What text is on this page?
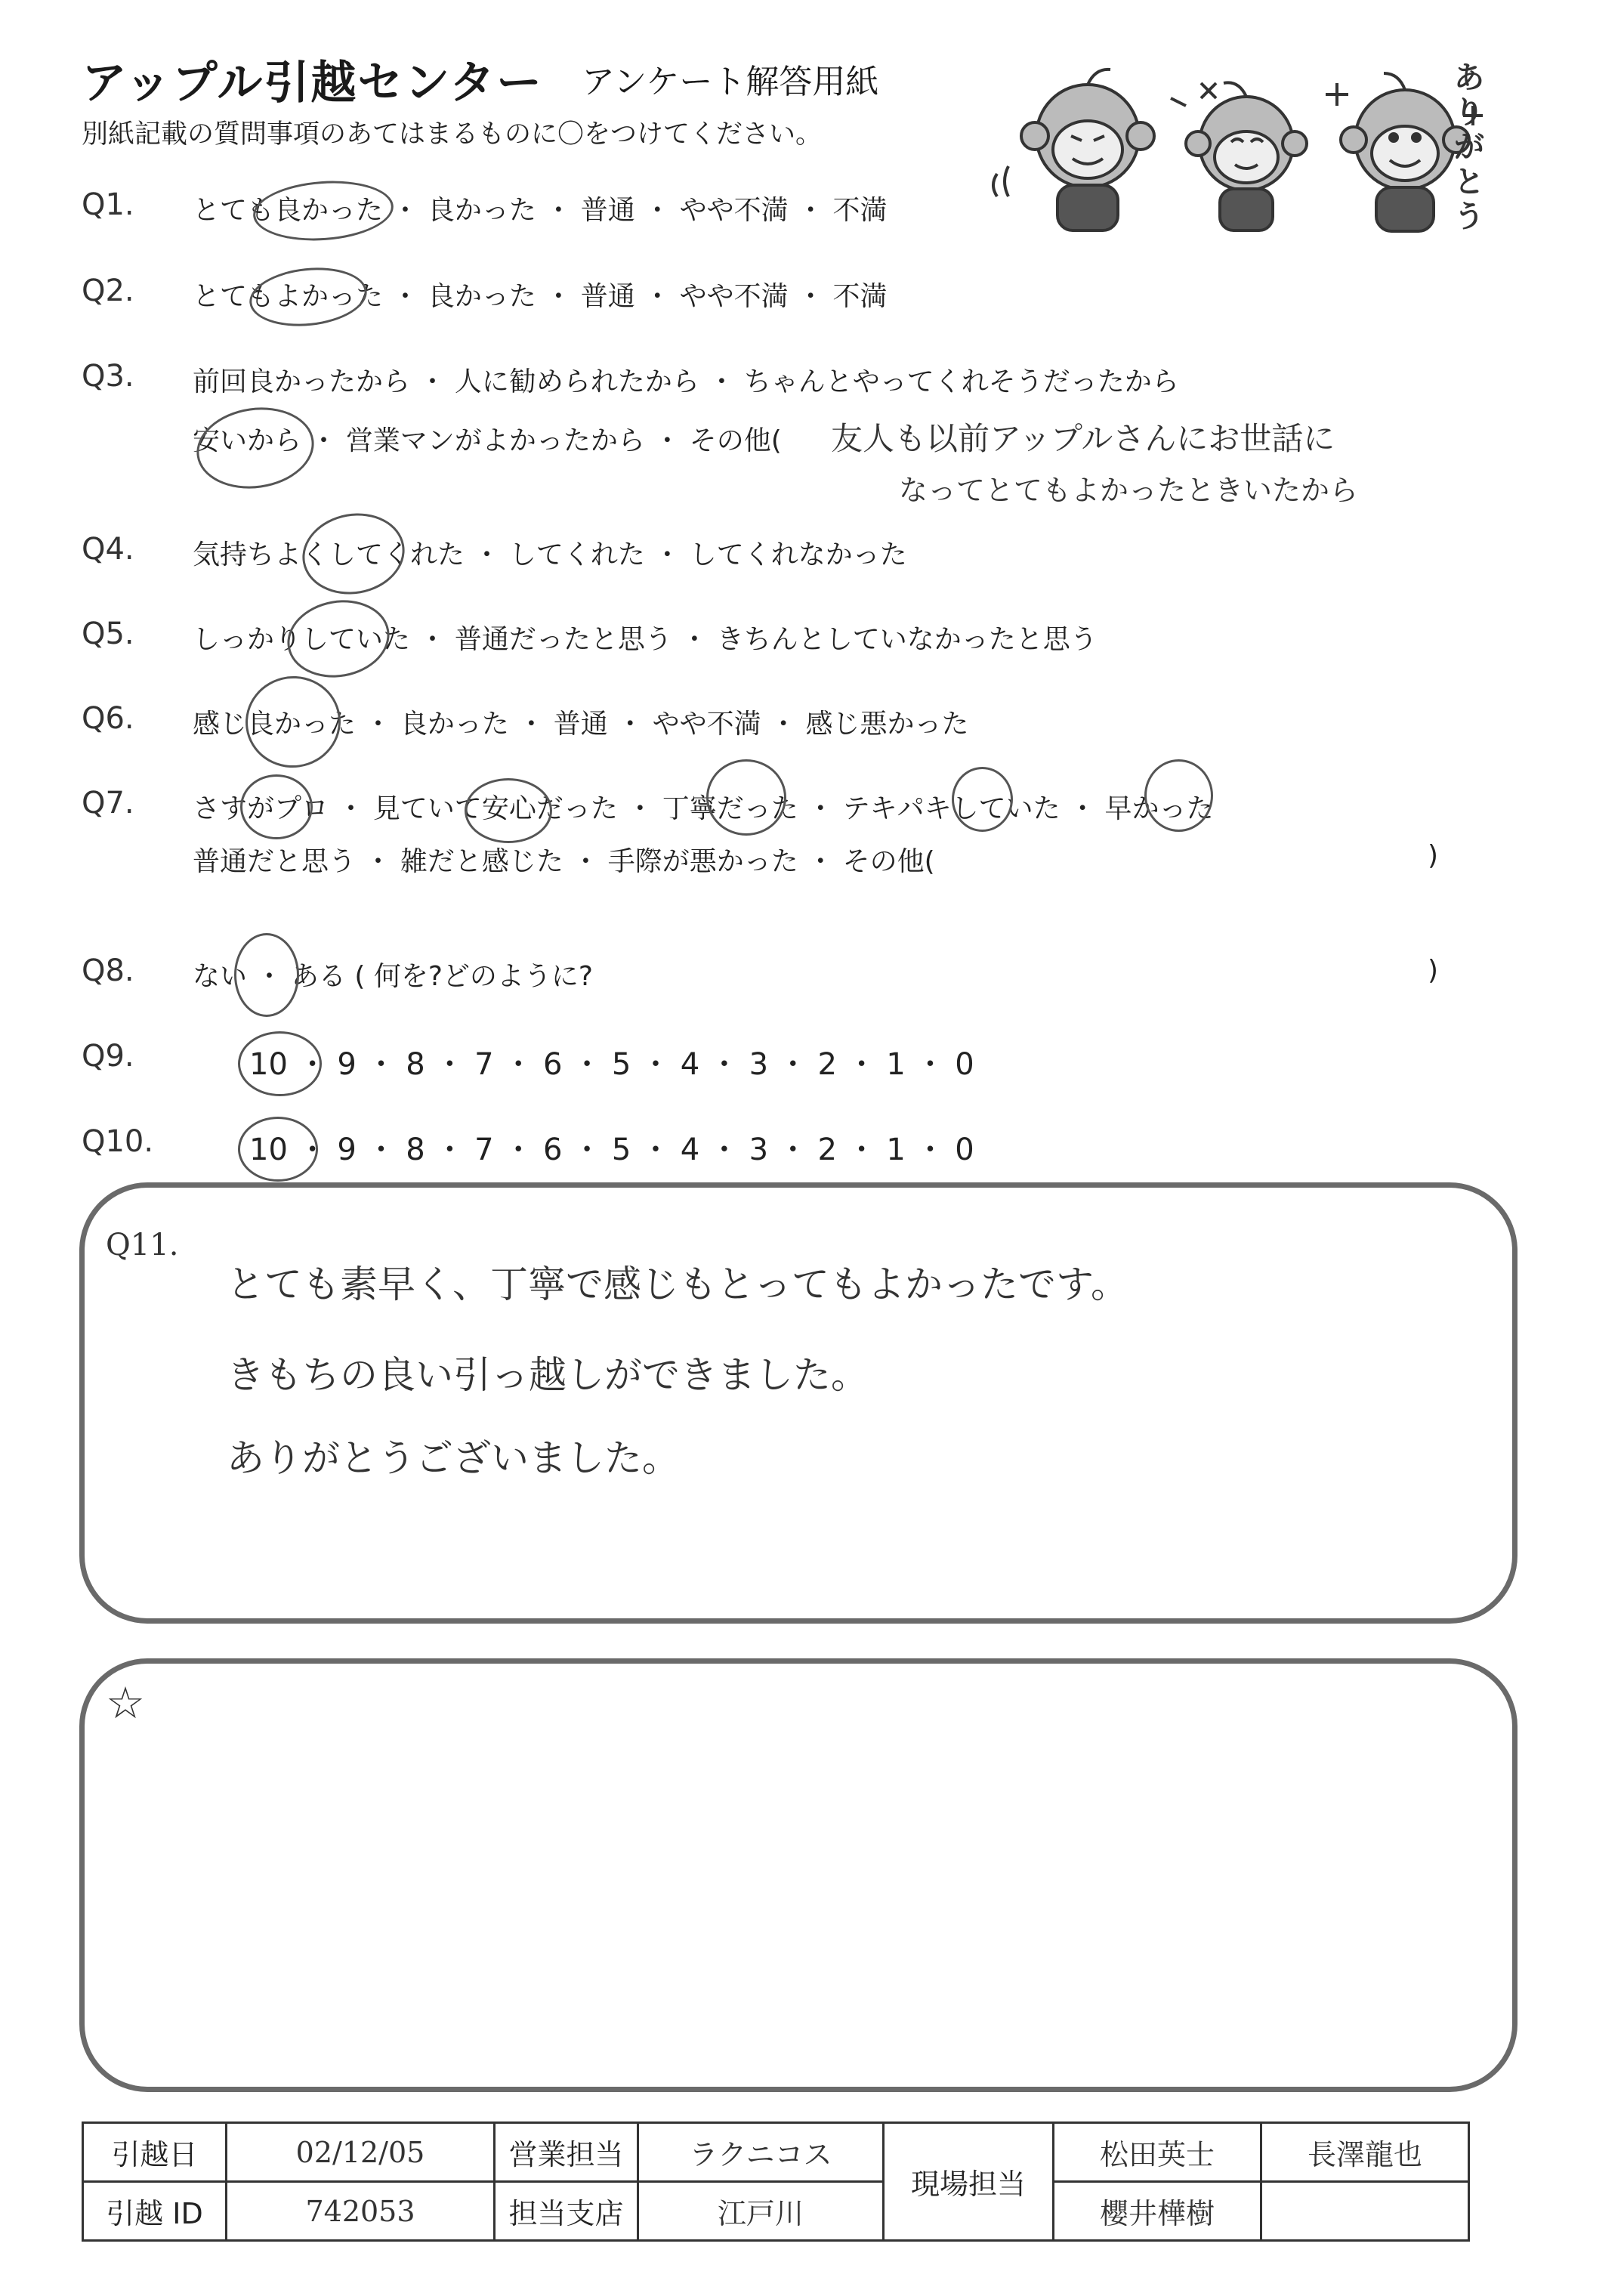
アップル引越センター アンケート解答用紙
別紙記載の質問事項のあてはまるものに〇をつけてください。
ありがとう
Q1. とても良かった ・ 良かった ・ 普通 ・ やや不満 ・ 不満
Q2. とてもよかった ・ 良かった ・ 普通 ・ やや不満 ・ 不満
Q3. 前回良かったから ・ 人に勧められたから ・ ちゃんとやってくれそうだったから
安いから ・ 営業マンがよかったから ・ その他( 友人も以前アップルさんにお世話に
なってとてもよかったときいたから
Q4. 気持ちよくしてくれた ・ してくれた ・ してくれなかった
Q5. しっかりしていた ・ 普通だったと思う ・ きちんとしていなかったと思う
Q6. 感じ良かった ・ 良かった ・ 普通 ・ やや不満 ・ 感じ悪かった
Q7. さすがプロ ・ 見ていて安心だった ・ 丁寧だった ・ テキパキしていた ・ 早かった
普通だと思う ・ 雑だと感じた ・ 手際が悪かった ・ その他(	)
Q8. ない ・ ある ( 何を?どのように?	)
Q9.	10 ・ 9 ・ 8 ・ 7 ・ 6 ・ 5 ・ 4 ・ 3 ・ 2 ・ 1 ・ 0
Q10.	10 ・ 9 ・ 8 ・ 7 ・ 6 ・ 5 ・ 4 ・ 3 ・ 2 ・ 1 ・ 0
Q11.
とても素早く、丁寧で感じもとってもよかったです。
きもちの良い引っ越しができました。
ありがとうございました。
☆
引越日	02/12/05	営業担当	ラクニコス	現場担当	松田英士	長澤龍也
引越 ID	742053	担当支店	江戸川		櫻井樺樹	
